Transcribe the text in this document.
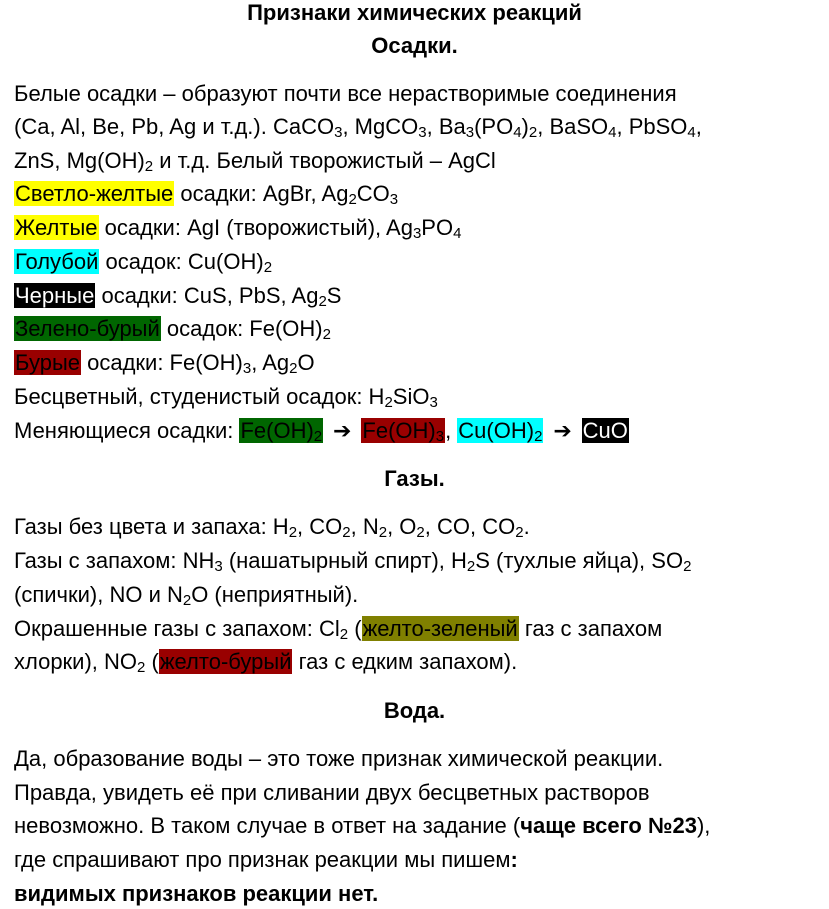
Признаки химических реакций
Осадки.
Белые осадки – образуют почти все нерастворимые соединения
(Ca, Al, Be, Pb, Ag и т.д.). CaCO$_3$, MgCO$_3$, $Ba_3(PO_4)_2$, BaSO$_4$, PbSO$_4$,
ZnS, $Mg(OH)_2$ и т.д. Белый творожистый – AgCl
Светло-желтые осадки: AgBr, $Ag_2CO_3$
Желтые осадки: AgI (творожистый), $Ag_3PO_4$
Голубой осадок: $Cu(OH)_2$
Черные осадки: CuS, PbS, $Ag_2S$
Зелено-бурый осадок: $Fe(OH)_2$
Бурые осадки: $Fe(OH)_3$, $Ag_2O$
Бесцветный, студенистый осадок: $H_2SiO_3$
Меняющиеся осадки: $Fe(OH)_2$ ➔ $Fe(OH)_3$, $Cu(OH)_2$ ➔ CuO
Газы.
Газы без цвета и запаха: $H_2$, $CO_2$, $N_2$, $O_2$, CO, $CO_2$.
Газы с запахом: $NH_3$ (нашатырный спирт), $H_2S$ (тухлые яйца), $SO_2$
(спички), NO и $N_2O$ (неприятный).
Окрашенные газы с запахом: $Cl_2$ (желто-зеленый газ с запахом
хлорки), $NO_2$ (желто-бурый газ с едким запахом).
Вода.
Да, образование воды – это тоже признак химической реакции.
Правда, увидеть её при сливании двух бесцветных растворов
невозможно. В таком случае в ответ на задание (чаще всего №23),
где спрашивают про признак реакции мы пишем:
видимых признаков реакции нет.
